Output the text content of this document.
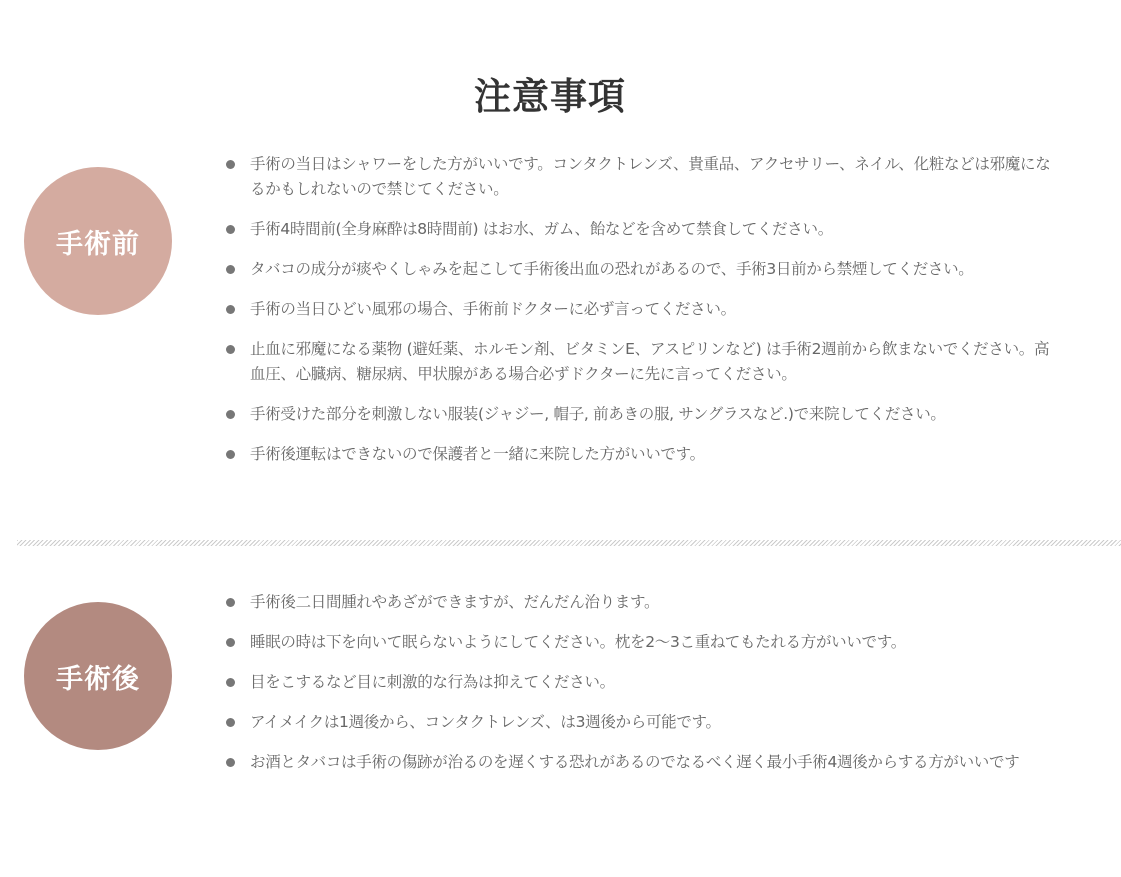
注意事項
手術前
手術の当日はシャワーをした方がいいです。コンタクトレンズ、貴重品、アクセサリー、ネイル、化粧などは邪魔になるかもしれないので禁じてください。
手術4時間前(全身麻酔は8時間前) はお水、ガム、飴などを含めて禁食してください。
タバコの成分が痰やくしゃみを起こして手術後出血の恐れがあるので、手術3日前から禁煙してください。
手術の当日ひどい風邪の場合、手術前ドクターに必ず言ってください。
止血に邪魔になる薬物 (避妊薬、ホルモン剤、ビタミンE、アスピリンなど) は手術2週前から飲まないでください。高血圧、心臓病、糖尿病、甲状腺がある場合必ずドクターに先に言ってください。
手術受けた部分を刺激しない服装(ジャジー, 帽子, 前あきの服, サングラスなど.)で来院してください。
手術後運転はできないので保護者と一緒に来院した方がいいです。
手術後
手術後二日間腫れやあざができますが、だんだん治ります。
睡眠の時は下を向いて眠らないようにしてください。枕を2～3こ重ねてもたれる方がいいです。
目をこするなど目に刺激的な行為は抑えてください。
アイメイクは1週後から、コンタクトレンズ、は3週後から可能です。
お酒とタバコは手術の傷跡が治るのを遅くする恐れがあるのでなるべく遅く最小手術4週後からする方がいいです
